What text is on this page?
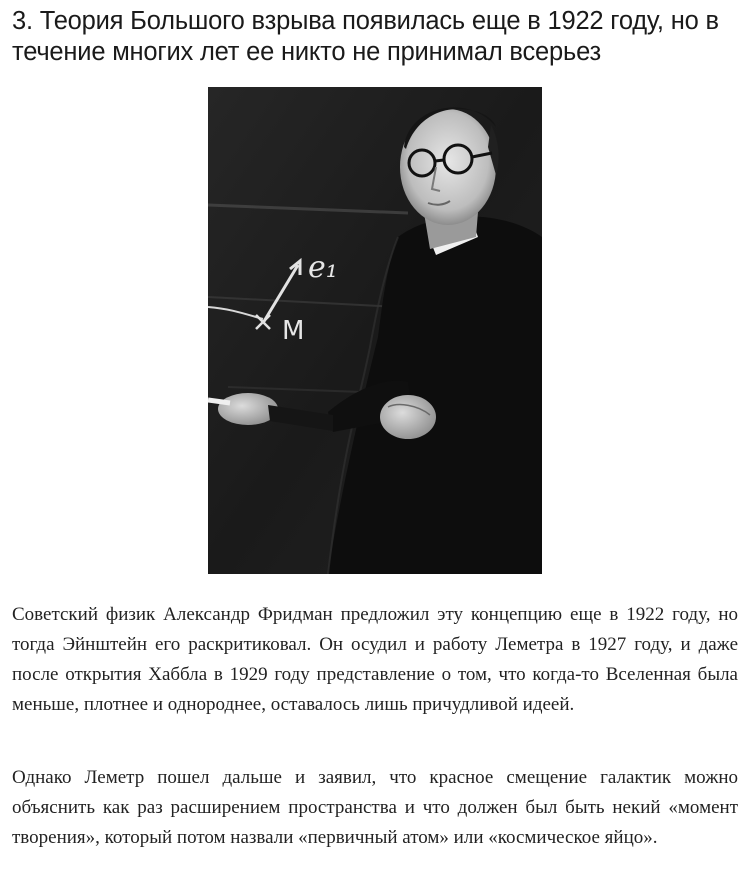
3. Теория Большого взрыва появилась еще в 1922 году, но в течение многих лет ее никто не принимал всерьез
e₁
M

Советский физик Александр Фридман предложил эту концепцию еще в 1922 году, но тогда Эйнштейн его раскритиковал. Он осудил и работу Леметра в 1927 году, и даже после открытия Хаббла в 1929 году представление о том, что когда-то Вселенная была меньше, плотнее и однороднее, оставалось лишь причудливой идеей.

Однако Леметр пошел дальше и заявил, что красное смещение галактик можно объяснить как раз расширением пространства и что должен был быть некий «момент творения», который потом назвали «первичный атом» или «космическое яйцо».
